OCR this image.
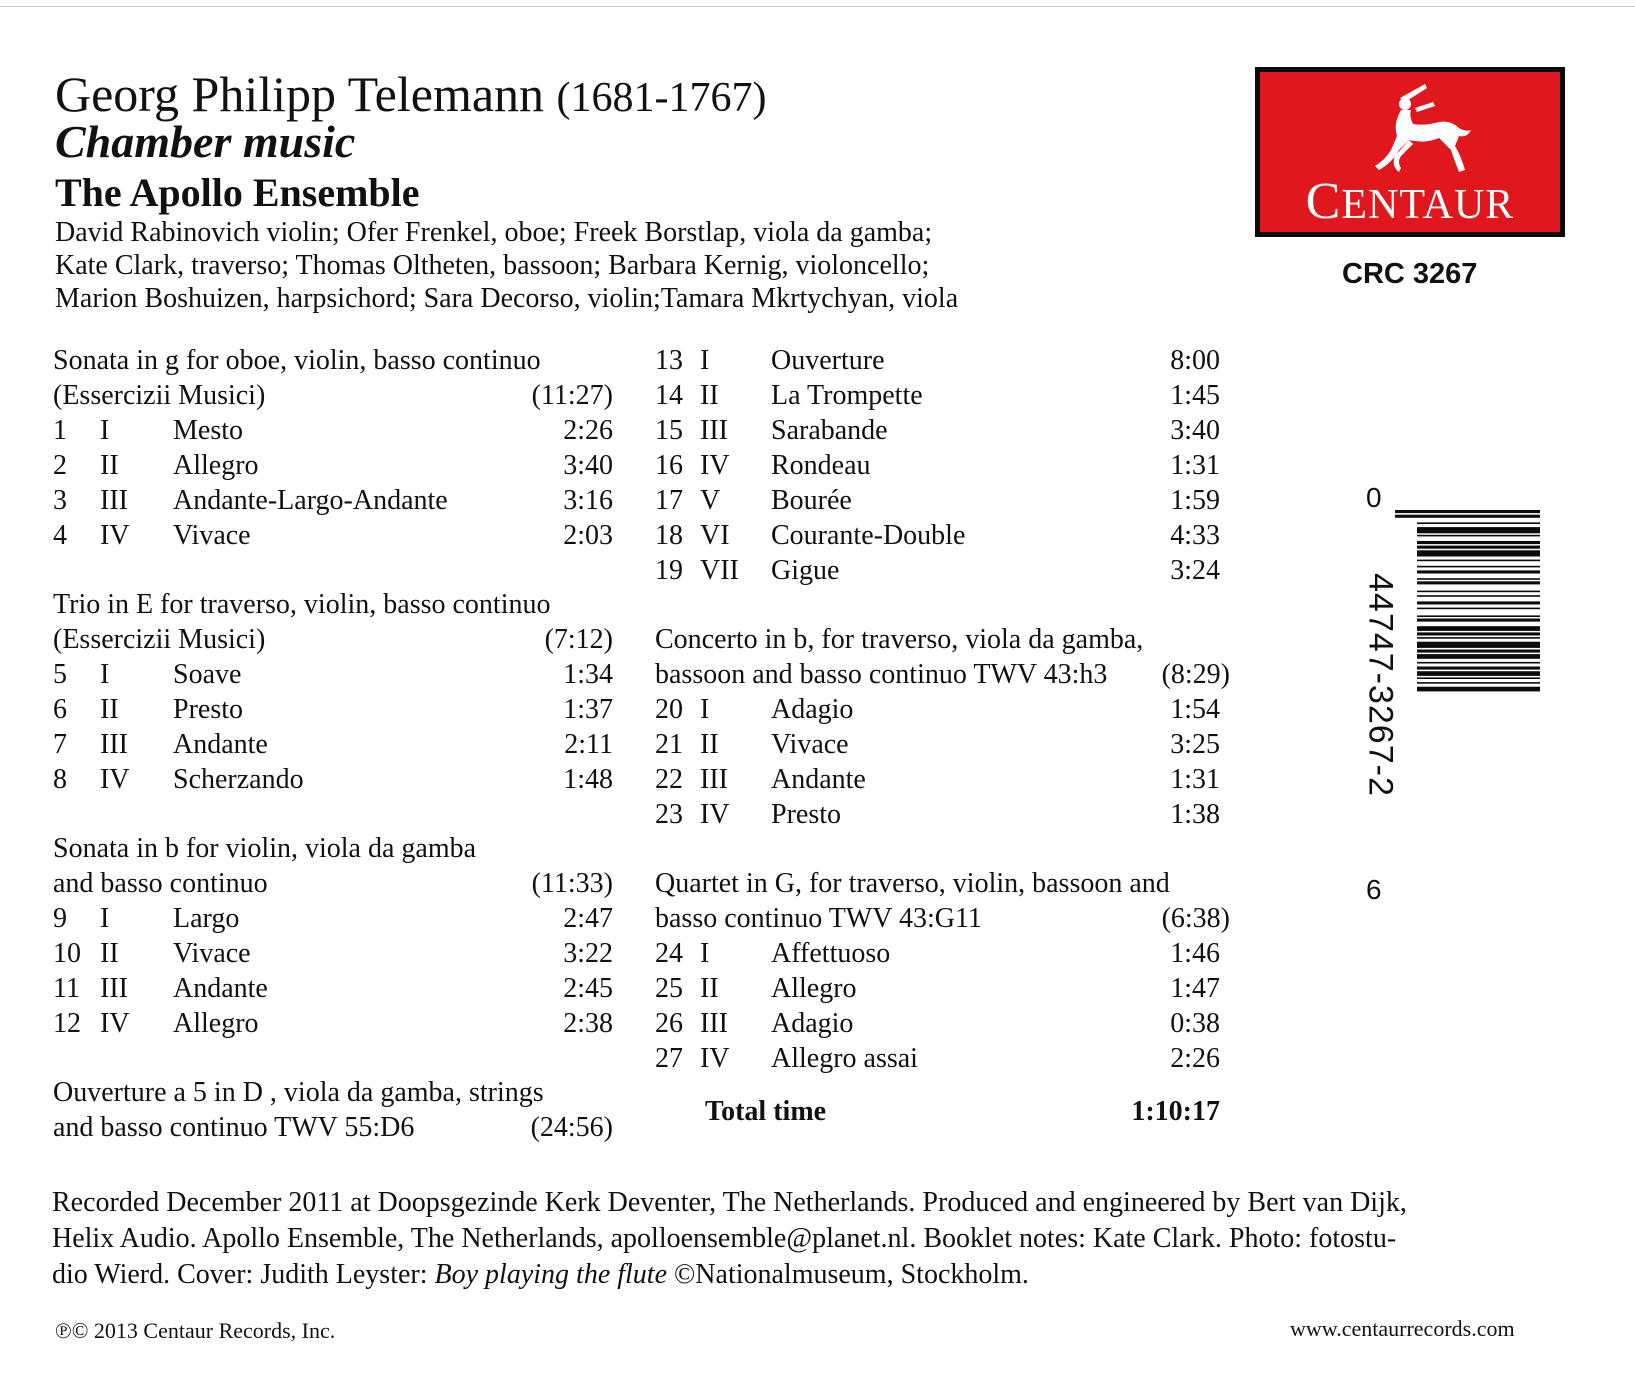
Georg Philipp Telemann (1681-1767)
Chamber music
The Apollo Ensemble
David Rabinovich violin; Ofer Frenkel, oboe; Freek Borstlap, viola da gamba;
Kate Clark, traverso; Thomas Oltheten, bassoon; Barbara Kernig, violoncello;
Marion Boshuizen, harpsichord; Sara Decorso, violin;Tamara Mkrtychyan, viola
CENTAUR
CRC 3267
0
44747-3267-2
6
Sonata in g for oboe, violin, basso continuo
(Essercizii Musici)	(11:27)
1 I Mesto	2:26
2 II Allegro	3:40
3 III Andante-Largo-Andante	3:16
4 IV Vivace	2:03
Trio in E for traverso, violin, basso continuo
(Essercizii Musici)	(7:12)
5 I Soave	1:34
6 II Presto	1:37
7 III Andante	2:11
8 IV Scherzando	1:48
Sonata in b for violin, viola da gamba
and basso continuo	(11:33)
9 I Largo	2:47
10 II Vivace	3:22
11 III Andante	2:45
12 IV Allegro	2:38
Ouverture a 5 in D , viola da gamba, strings
and basso continuo TWV 55:D6	(24:56)
13 I Ouverture	8:00
14 II La Trompette	1:45
15 III Sarabande	3:40
16 IV Rondeau	1:31
17 V Bourée	1:59
18 VI Courante-Double	4:33
19 VII Gigue	3:24
Concerto in b, for traverso, viola da gamba,
bassoon and basso continuo TWV 43:h3 (8:29)
20 I Adagio	1:54
21 II Vivace	3:25
22 III Andante	1:31
23 IV Presto	1:38
Quartet in G, for traverso, violin, bassoon and
basso continuo TWV 43:G11	(6:38)
24 I Affettuoso	1:46
25 II Allegro	1:47
26 III Adagio	0:38
27 IV Allegro assai	2:26
Total time	1:10:17
Recorded December 2011 at Doopsgezinde Kerk Deventer, The Netherlands. Produced and engineered by Bert van Dijk,
Helix Audio. Apollo Ensemble, The Netherlands, apolloensemble@planet.nl. Booklet notes: Kate Clark. Photo: fotostu-
dio Wierd. Cover: Judith Leyster: Boy playing the flute ©Nationalmuseum, Stockholm.
℗© 2013 Centaur Records, Inc.	www.centaurrecords.com
